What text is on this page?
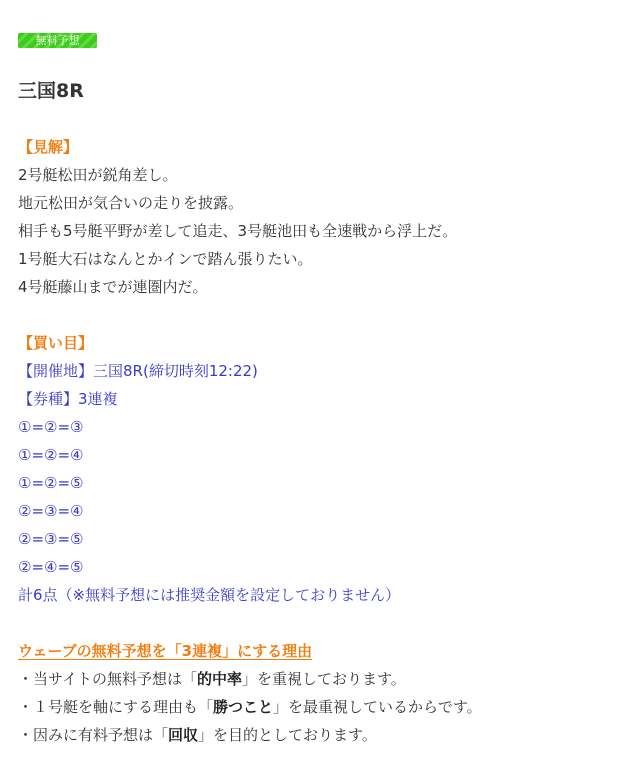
無料予想
三国8R
【見解】
2号艇松田が鋭角差し。
地元松田が気合いの走りを披露。
相手も5号艇平野が差して追走、3号艇池田も全速戦から浮上だ。
1号艇大石はなんとかインで踏ん張りたい。
4号艇藤山までが連圏内だ。
【買い目】
【開催地】三国8R(締切時刻12:22)
【券種】3連複
①=②=③
①=②=④
①=②=⑤
②=③=④
②=③=⑤
②=④=⑤
計6点（※無料予想には推奨金額を設定しておりません）
ウェーブの無料予想を「3連複」にする理由
・当サイトの無料予想は「的中率」を重視しております。
・１号艇を軸にする理由も「勝つこと」を最重視しているからです。
・因みに有料予想は「回収」を目的としております。
